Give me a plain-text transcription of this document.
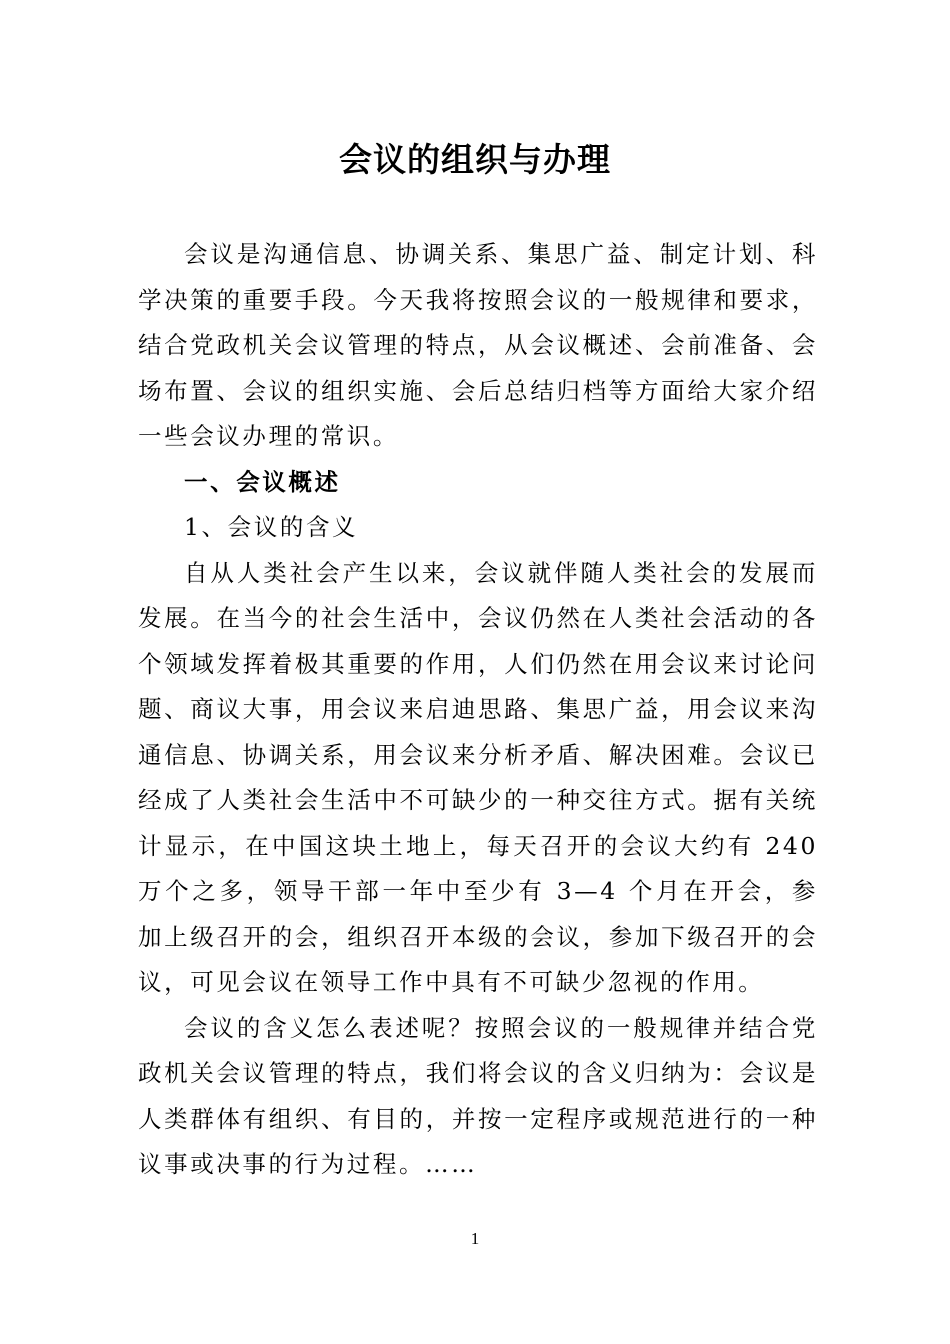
会议的组织与办理

会议是沟通信息、协调关系、集思广益、制定计划、科学决策的重要手段。今天我将按照会议的一般规律和要求，结合党政机关会议管理的特点，从会议概述、会前准备、会场布置、会议的组织实施、会后总结归档等方面给大家介绍一些会议办理的常识。

一、会议概述

1、会议的含义

自从人类社会产生以来，会议就伴随人类社会的发展而发展。在当今的社会生活中，会议仍然在人类社会活动的各个领域发挥着极其重要的作用，人们仍然在用会议来讨论问题、商议大事，用会议来启迪思路、集思广益，用会议来沟通信息、协调关系，用会议来分析矛盾、解决困难。会议已经成了人类社会生活中不可缺少的一种交往方式。据有关统计显示，在中国这块土地上，每天召开的会议大约有 240 万个之多，领导干部一年中至少有 3—4 个月在开会，参加上级召开的会，组织召开本级的会议，参加下级召开的会议，可见会议在领导工作中具有不可缺少忽视的作用。

会议的含义怎么表述呢？按照会议的一般规律并结合党政机关会议管理的特点，我们将会议的含义归纳为：会议是人类群体有组织、有目的，并按一定程序或规范进行的一种议事或决事的行为过程。……

1
